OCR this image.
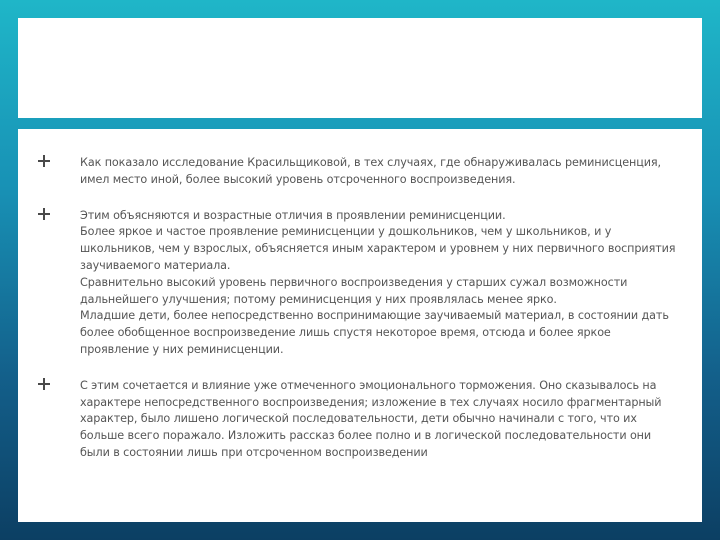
Как показало исследование Красильщиковой, в тех случаях, где обнаруживалась реминисценция,
имел место иной, более высокий уровень отсроченного воспроизведения.
Этим объясняются и возрастные отличия в проявлении реминисценции.
Более яркое и частое проявление реминисценции у дошкольников, чем у школьников, и у
школьников, чем у взрослых, объясняется иным характером и уровнем у них первичного восприятия
заучиваемого материала.
Сравнительно высокий уровень первичного воспроизведения у старших сужал возможности
дальнейшего улучшения; потому реминисценция у них проявлялась менее ярко.
Младшие дети, более непосредственно воспринимающие заучиваемый материал, в состоянии дать
более обобщенное воспроизведение лишь спустя некоторое время, отсюда и более яркое
проявление у них реминисценции.
С этим сочетается и влияние уже отмеченного эмоционального торможения. Оно сказывалось на
характере непосредственного воспроизведения; изложение в тех случаях носило фрагментарный
характер, было лишено логической последовательности, дети обычно начинали с того, что их
больше всего поражало. Изложить рассказ более полно и в логической последовательности они
были в состоянии лишь при отсроченном воспроизведении
